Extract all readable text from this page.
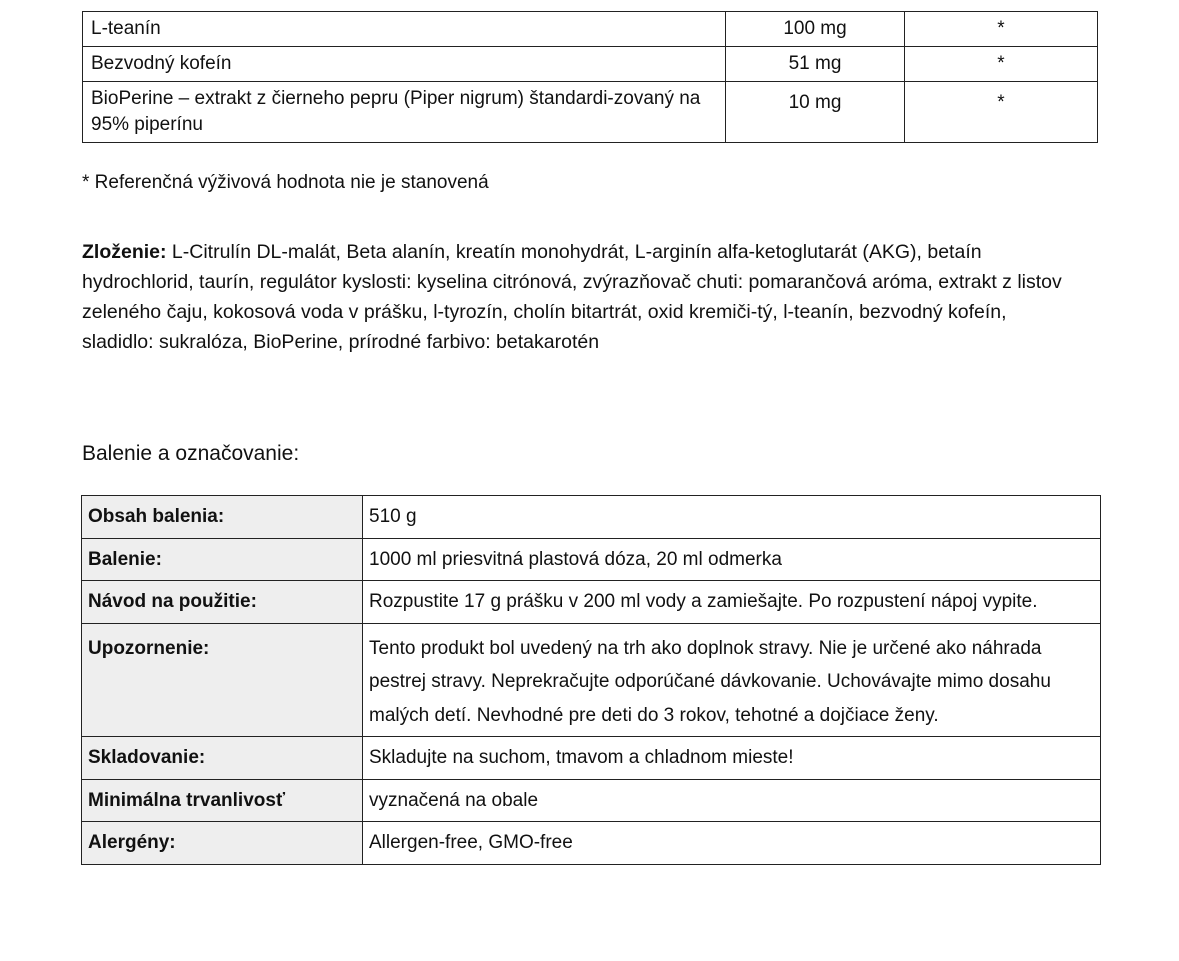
L-teanín	100 mg	*
Bezvodný kofeín	51 mg	*
BioPerine – extrakt z čierneho pepru (Piper nigrum) štandardi-zovaný na 95% piperínu	10 mg	*
* Referenčná výživová hodnota nie je stanovená
Zloženie: L-Citrulín DL-malát, Beta alanín, kreatín monohydrát, L-arginín alfa-ketoglutarát (AKG), betaín hydrochlorid, taurín, regulátor kyslosti: kyselina citrónová, zvýrazňovač chuti: pomarančová aróma, extrakt z listov zeleného čaju, kokosová voda v prášku, l-tyrozín, cholín bitartrát, oxid kremiči-tý, l-teanín, bezvodný kofeín, sladidlo: sukralóza, BioPerine, prírodné farbivo: betakarotén
Balenie a označovanie:
Obsah balenia:	510 g
Balenie:	1000 ml priesvitná plastová dóza, 20 ml odmerka
Návod na použitie:	Rozpustite 17 g prášku v 200 ml vody a zamiešajte. Po rozpustení nápoj vypite.
Upozornenie:	Tento produkt bol uvedený na trh ako doplnok stravy. Nie je určené ako náhrada pestrej stravy. Neprekračujte odporúčané dávkovanie. Uchovávajte mimo dosahu malých detí. Nevhodné pre deti do 3 rokov, tehotné a dojčiace ženy.
Skladovanie:	Skladujte na suchom, tmavom a chladnom mieste!
Minimálna trvanlivosť	vyznačená na obale
Alergény:	Allergen-free, GMO-free
